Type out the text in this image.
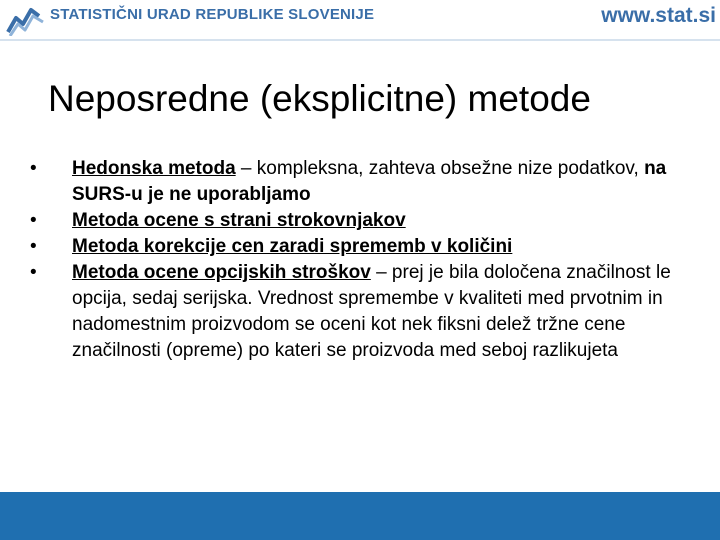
STATISTIČNI URAD REPUBLIKE SLOVENIJE	www.stat.si
Neposredne (eksplicitne) metode
• Hedonska metoda – kompleksna, zahteva obsežne nize podatkov, na SURS-u je ne uporabljamo
• Metoda ocene s strani strokovnjakov
• Metoda korekcije cen zaradi sprememb v količini
• Metoda ocene opcijskih stroškov – prej je bila določena značilnost le opcija, sedaj serijska. Vrednost spremembe v kvaliteti med prvotnim in nadomestnim proizvodom se oceni kot nek fiksni delež tržne cene značilnosti (opreme) po kateri se proizvoda med seboj razlikujeta
